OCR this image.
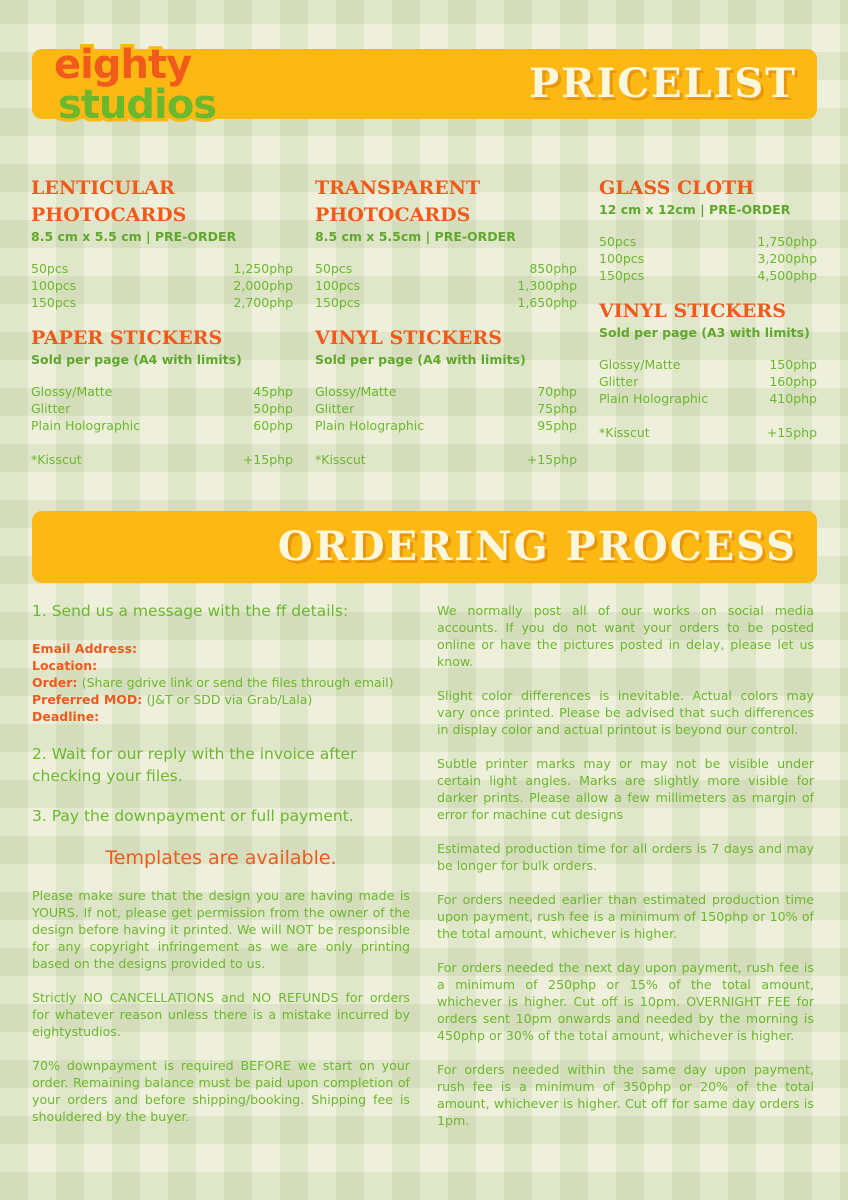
PRICELIST
eighty
studios

LENTICULAR PHOTOCARDS

8.5 cm x 5.5 cm | PRE-ORDER

50pcs	1,250php
100pcs	2,000php
150pcs	2,700php

PAPER STICKERS

Sold per page (A4 with limits)

Glossy/Matte	45php
Glitter	50php
Plain Holographic	60php
*Kisscut	+15php

TRANSPARENT PHOTOCARDS

8.5 cm x 5.5cm | PRE-ORDER

50pcs	850php
100pcs	1,300php
150pcs	1,650php

VINYL STICKERS

Sold per page (A4 with limits)

Glossy/Matte	70php
Glitter	75php
Plain Holographic	95php
*Kisscut	+15php

GLASS CLOTH

12 cm x 12cm | PRE-ORDER

50pcs	1,750php
100pcs	3,200php
150pcs	4,500php

VINYL STICKERS

Sold per page (A3 with limits)

Glossy/Matte	150php
Glitter	160php
Plain Holographic	410php
*Kisscut	+15php
ORDERING PROCESS

1. Send us a message with the ff details:

Email Address:

Location:

Order: (Share gdrive link or send the files through email)

Preferred MOD: (J&T or SDD via Grab/Lala)

Deadline:

2. Wait for our reply with the invoice after checking your files.

3. Pay the downpayment or full payment.

Templates are available.

Please make sure that the design you are having made is YOURS. If not, please get permission from the owner of the design before having it printed. We will NOT be responsible for any copyright infringement as we are only printing based on the designs provided to us.

Strictly NO CANCELLATIONS and NO REFUNDS for orders for whatever reason unless there is a mistake incurred by eightystudios.

70% downpayment is required BEFORE we start on your order. Remaining balance must be paid upon completion of your orders and before shipping/booking. Shipping fee is shouldered by the buyer.

We normally post all of our works on social media accounts. If you do not want your orders to be posted online or have the pictures posted in delay, please let us know.

Slight color differences is inevitable. Actual colors may vary once printed. Please be advised that such differences in display color and actual printout is beyond our control.

Subtle printer marks may or may not be visible under certain light angles. Marks are slightly more visible for darker prints. Please allow a few millimeters as margin of error for machine cut designs

Estimated production time for all orders is 7 days and may be longer for bulk orders.

For orders needed earlier than estimated production time upon payment, rush fee is a minimum of 150php or 10% of the total amount, whichever is higher.

For orders needed the next day upon payment, rush fee is a minimum of 250php or 15% of the total amount, whichever is higher. Cut off is 10pm. OVERNIGHT FEE for orders sent 10pm onwards and needed by the morning is 450php or 30% of the total amount, whichever is higher.

For orders needed within the same day upon payment, rush fee is a minimum of 350php or 20% of the total amount, whichever is higher. Cut off for same day orders is 1pm.
